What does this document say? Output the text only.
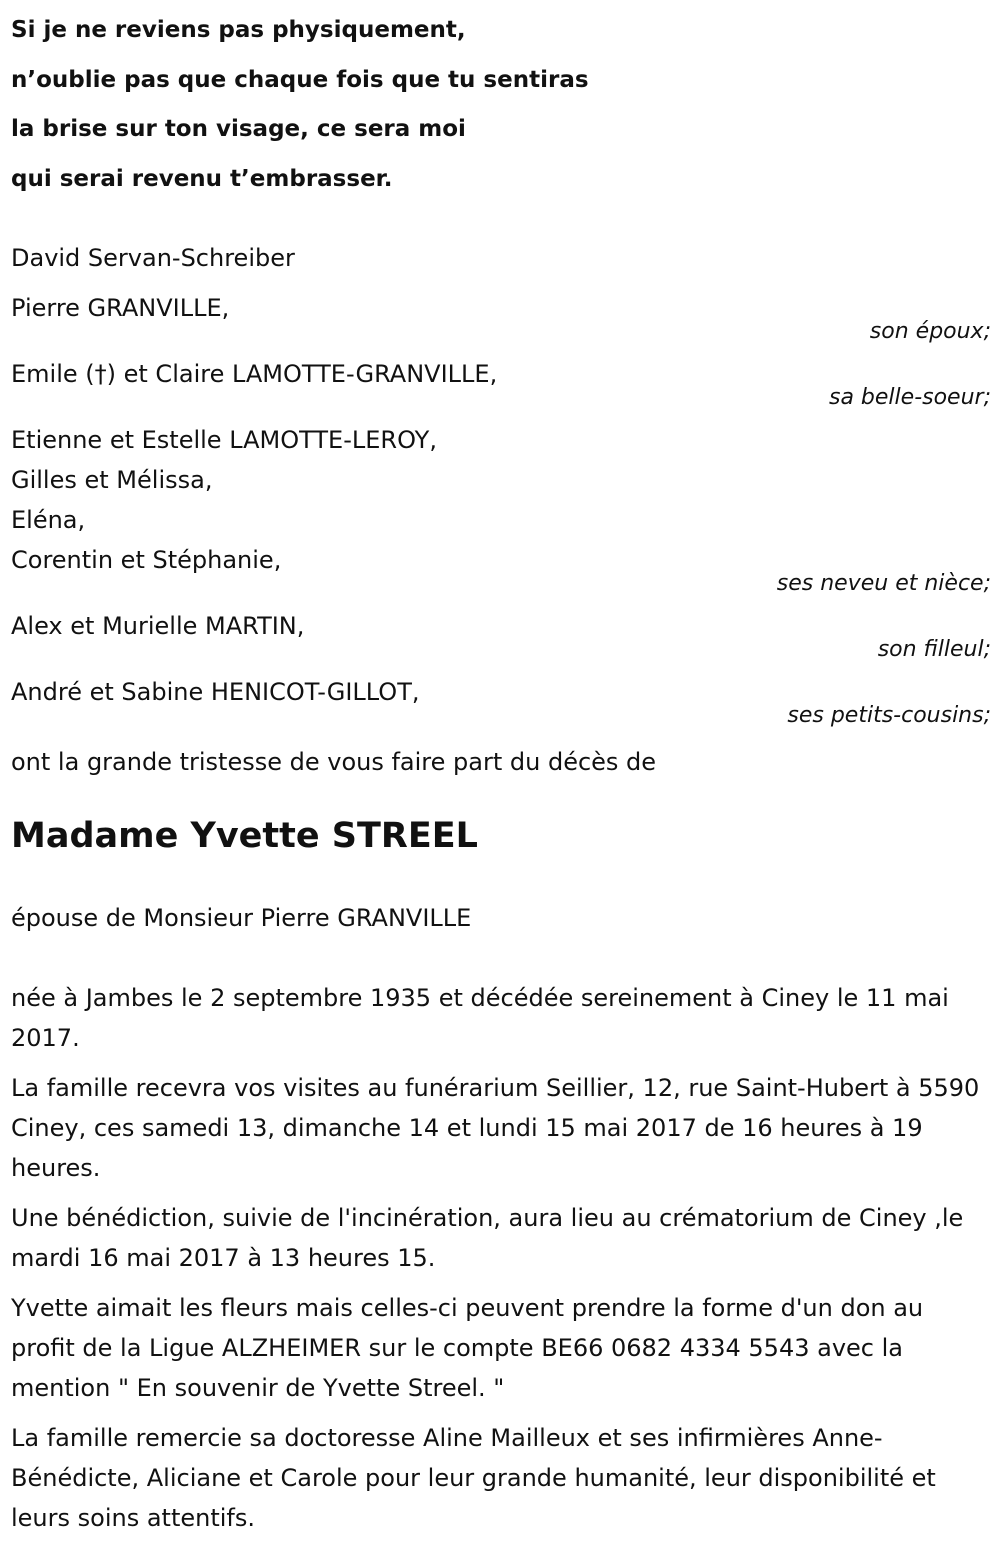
Si je ne reviens pas physiquement,
n’oublie pas que chaque fois que tu sentiras
la brise sur ton visage, ce sera moi
qui serai revenu t’embrasser.
David Servan-Schreiber
Pierre GRANVILLE,
son époux;
Emile (†) et Claire LAMOTTE-GRANVILLE,
sa belle-soeur;
Etienne et Estelle LAMOTTE-LEROY,
Gilles et Mélissa,
Eléna,
Corentin et Stéphanie,
ses neveu et nièce;
Alex et Murielle MARTIN,
son filleul;
André et Sabine HENICOT-GILLOT,
ses petits-cousins;
ont la grande tristesse de vous faire part du décès de
Madame Yvette STREEL
épouse de Monsieur Pierre GRANVILLE

née à Jambes le 2 septembre 1935 et décédée sereinement à Ciney le 11 mai 2017.

La famille recevra vos visites au funérarium Seillier, 12, rue Saint-Hubert à 5590 Ciney, ces samedi 13, dimanche 14 et lundi 15 mai 2017 de 16 heures à 19 heures.

Une bénédiction, suivie de l'incinération, aura lieu au crématorium de Ciney ,le mardi 16 mai 2017 à 13 heures 15.

Yvette aimait les fleurs mais celles-ci peuvent prendre la forme d'un don au profit de la Ligue ALZHEIMER sur le compte BE66 0682 4334 5543 avec la mention " En souvenir de Yvette Streel. "

La famille remercie sa doctoresse Aline Mailleux et ses infirmières Anne-Bénédicte, Aliciane et Carole pour leur grande humanité, leur disponibilité et leurs soins attentifs.
